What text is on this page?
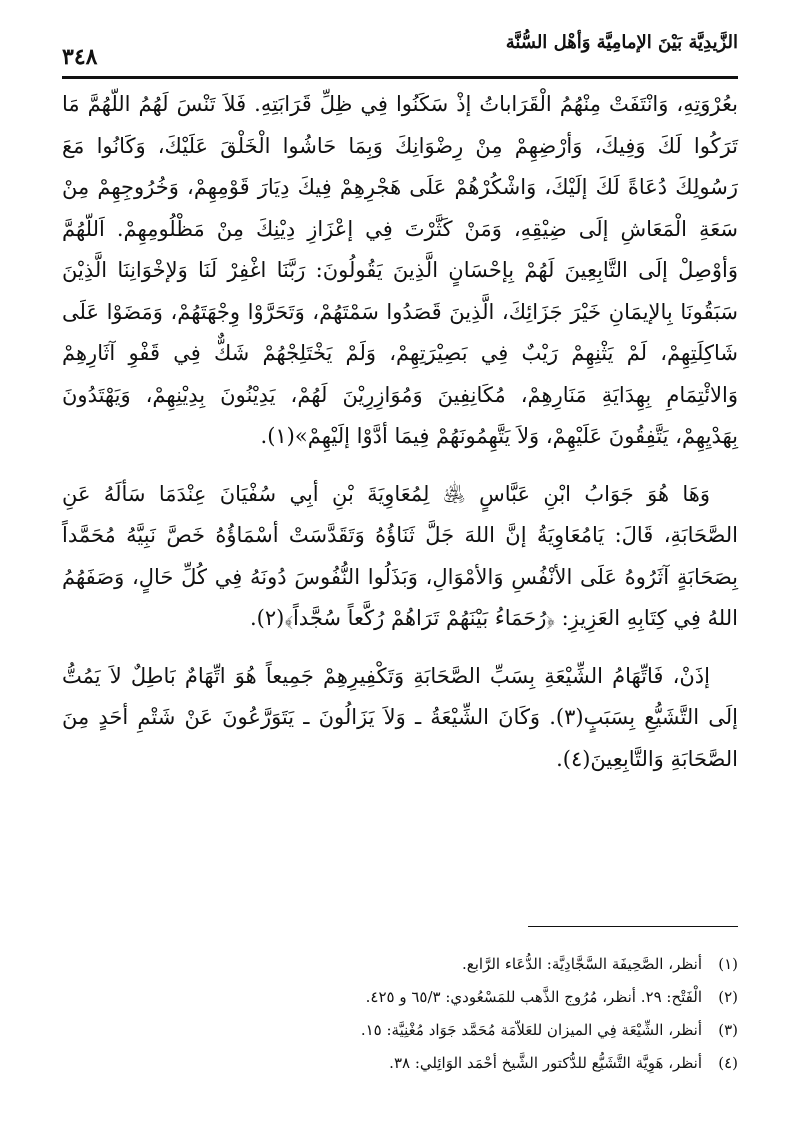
الزَّيدِيَّة بَيْنَ الإمامِيَّة وَأهْل السُّنَّة
٣٤٨

بعُرْوَتِهِ، وَانْتَفَتْ مِنْهُمُ الْقَرَاباتُ إذْ سَكَنُوا فِي ظِلِّ قَرَابَتِهِ. فَلاَ تَنْسَ لَهُمُ اللّهُمَّ مَا تَرَكُوا لَكَ وَفِيكَ، وَأرْضِهِمْ مِنْ رِضْوَانِكَ وَبِمَا حَاشُوا الْخَلْقَ عَلَيْكَ، وَكَانُوا مَعَ رَسُولِكَ دُعَاةً لَكَ إلَيْكَ، وَاشْكُرْهُمْ عَلَى هَجْرِهِمْ فِيكَ دِيَارَ قَوْمِهِمْ، وَخُرُوجِهِمْ مِنْ سَعَةِ الْمَعَاشِ إلَى ضِيْقِهِ، وَمَنْ كَثَّرْتَ فِي إعْزَازِ دِيْنِكَ مِنْ مَظْلُومِهِمْ. اَللّهُمَّ وَأوْصِلْ إلَى التَّابِعِينَ لَهُمْ بِإحْسَانٍ الَّذِينَ يَقُولُونَ: رَبَّنَا اغْفِرْ لَنَا وَلإخْوَانِنَا الَّذِيْنَ سَبَقُونَا بِالإيمَانِ خَيْرَ جَزَائِكَ، الَّذِينَ قَصَدُوا سَمْتَهُمْ، وَتَحَرَّوْا وِجْهَتَهُمْ، وَمَضَوْا عَلَى شَاكِلَتِهِمْ، لَمْ يَثْنِهِمْ رَيْبٌ فِي بَصِيْرَتِهِمْ، وَلَمْ يَخْتَلِجْهُمْ شَكٌّ فِي قَفْوِ آثَارِهِمْ وَالائْتِمَامِ بِهِدَايَةِ مَنَارِهِمْ، مُكَانِفِينَ وَمُوَازِرِيْنَ لَهُمْ، يَدِيْنُونَ بِدِيْنِهِمْ، وَيَهْتَدُونَ بِهَدْيِهِمْ، يَتَّفِقُونَ عَلَيْهِمْ، وَلاَ يَتَّهِمُونَهُمْ فِيمَا أدَّوْا إلَيْهِمْ»(١).

وَهَا هُوَ جَوَابُ ابْنِ عَبَّاسٍ ﵁ لِمُعَاوِيَةَ بْنِ أبِي سُفْيَانَ عِنْدَمَا سَألَهُ عَنِ الصَّحَابَةِ، قَالَ: يَامُعَاوِيَةُ إنَّ اللهَ جَلَّ ثَنَاؤُهُ وَتَقَدَّسَتْ أسْمَاؤُهُ خَصَّ نَبِيَّهُ مُحَمَّداً بِصَحَابَةٍ آثَرُوهُ عَلَى الأنْفُسِ وَالأمْوَالِ، وَبَذَلُوا النُّفُوسَ دُونَهُ فِي كُلِّ حَالٍ، وَصَفَهُمُ اللهُ فِي كِتَابِهِ العَزِيزِ: ﴿رُحَمَاءُ بَيْنَهُمْ تَرَاهُمْ رُكَّعاً سُجَّداً﴾(٢).

إذَنْ، فَاتِّهَامُ الشِّيْعَةِ بِسَبِّ الصَّحَابَةِ وَتَكْفِيرِهِمْ جَمِيعاً هُوَ اتِّهَامٌ بَاطِلٌ لاَ يَمُتُّ إلَى التَّشَيُّعِ بِسَبَبٍ(٣). وَكَانَ الشِّيْعَةُ ـ وَلاَ يَزَالُونَ ـ يَتَوَرَّعُونَ عَنْ شَتْمِ أحَدٍ مِنَ الصَّحَابَةِ وَالتَّابِعِينَ(٤).

(١)أنظر، الصَّحِيفَة السَّجَّادِيَّة: الدُّعَاء الرَّابع.
(٢)الْفَتْح: ٢٩. أنظر، مُرُوج الذَّهب للمَسْعُودي: ٦٥/٣ و ٤٢٥.
(٣)أنظر، الشِّيْعَة فِي الميزان للعَلاّمَة مُحَمَّد جَوَاد مُغْنِيَّة: ١٥.
(٤)أنظر، هَوِيَّة التَّشَيُّع للدُّكتور الشَّيخ أحْمَد الوَائِلي: ٣٨.
